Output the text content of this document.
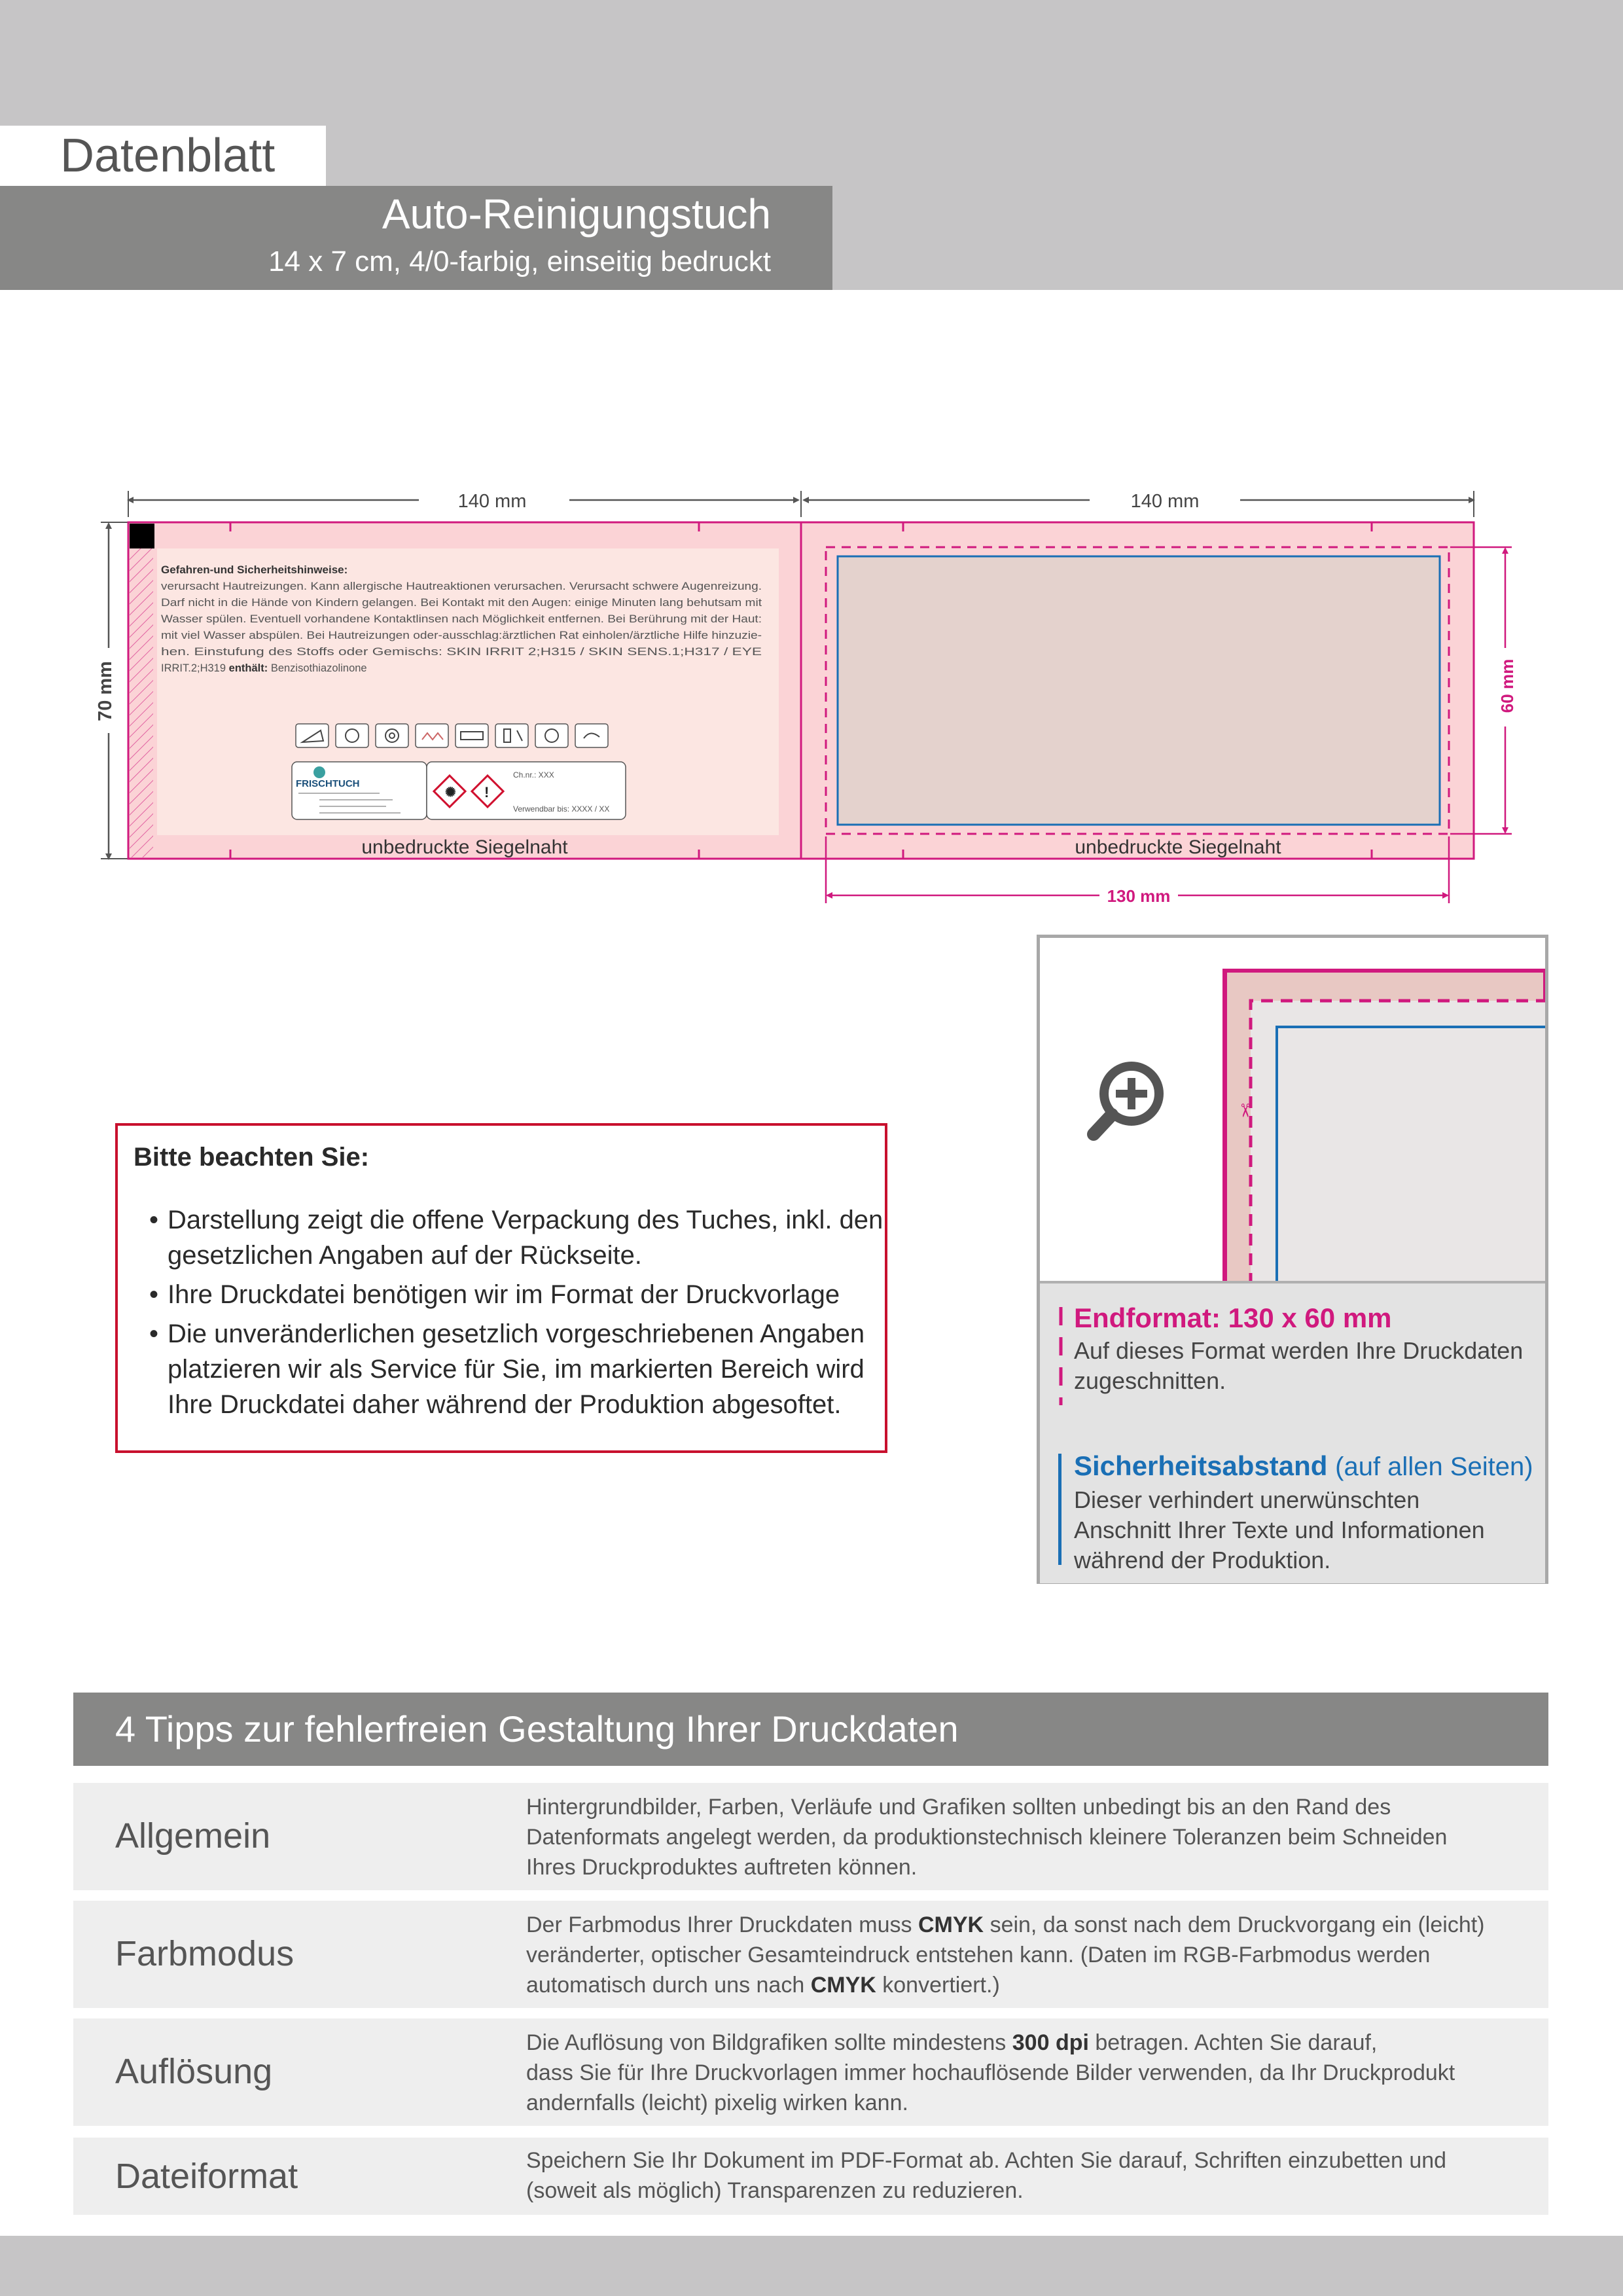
Datenblatt
Auto-Reinigungstuch
14 x 7 cm, 4/0-farbig, einseitig bedruckt
140 mm	140 mm
70 mm
Gefahren-und Sicherheitshinweise:
verursacht Hautreizungen. Kann allergische Hautreaktionen verursachen. Verursacht schwere Augenreizung.
Darf nicht in die Hände von Kindern gelangen. Bei Kontakt mit den Augen: einige Minuten lang behutsam mit
Wasser spülen. Eventuell vorhandene Kontaktlinsen nach Möglichkeit entfernen. Bei Berührung mit der Haut:
mit viel Wasser abspülen. Bei Hautreizungen oder-ausschlag:ärztlichen Rat einholen/ärztliche Hilfe hinzuzie-
hen. Einstufung des Stoffs oder Gemischs: SKIN IRRIT 2;H315 / SKIN SENS.1;H317 / EYE
IRRIT.2;H319 enthält: Benzisothiazolinone
FRISCHTUCH
✺ !
Ch.nr.: XXX
Verwendbar bis: XXXX / XX
unbedruckte Siegelnaht	unbedruckte Siegelnaht
60 mm
130 mm
Bitte beachten Sie:
• Darstellung zeigt die offene Verpackung des Tuches, inkl. den gesetzlichen Angaben auf der Rückseite.
• Ihre Druckdatei benötigen wir im Format der Druckvorlage
• Die unveränderlichen gesetzlich vorgeschriebenen Angaben platzieren wir als Service für Sie, im markierten Bereich wird Ihre Druckdatei daher während der Produktion abgesoftet.
✂
Endformat: 130 x 60 mm
Auf dieses Format werden Ihre Druckdaten
zugeschnitten.
Sicherheitsabstand (auf allen Seiten)
Dieser verhindert unerwünschten
Anschnitt Ihrer Texte und Informationen
während der Produktion.
4 Tipps zur fehlerfreien Gestaltung Ihrer Druckdaten
Allgemein
Hintergrundbilder, Farben, Verläufe und Grafiken sollten unbedingt bis an den Rand des
Datenformats angelegt werden, da produktionstechnisch kleinere Toleranzen beim Schneiden
Ihres Druckproduktes auftreten können.
Farbmodus
Der Farbmodus Ihrer Druckdaten muss CMYK sein, da sonst nach dem Druckvorgang ein (leicht)
veränderter, optischer Gesamteindruck entstehen kann. (Daten im RGB-Farbmodus werden
automatisch durch uns nach CMYK konvertiert.)
Auflösung
Die Auflösung von Bildgrafiken sollte mindestens 300 dpi betragen. Achten Sie darauf,
dass Sie für Ihre Druckvorlagen immer hochauflösende Bilder verwenden, da Ihr Druckprodukt
andernfalls (leicht) pixelig wirken kann.
Dateiformat	Speichern Sie Ihr Dokument im PDF-Format ab. Achten Sie darauf, Schriften einzubetten und
(soweit als möglich) Transparenzen zu reduzieren.
